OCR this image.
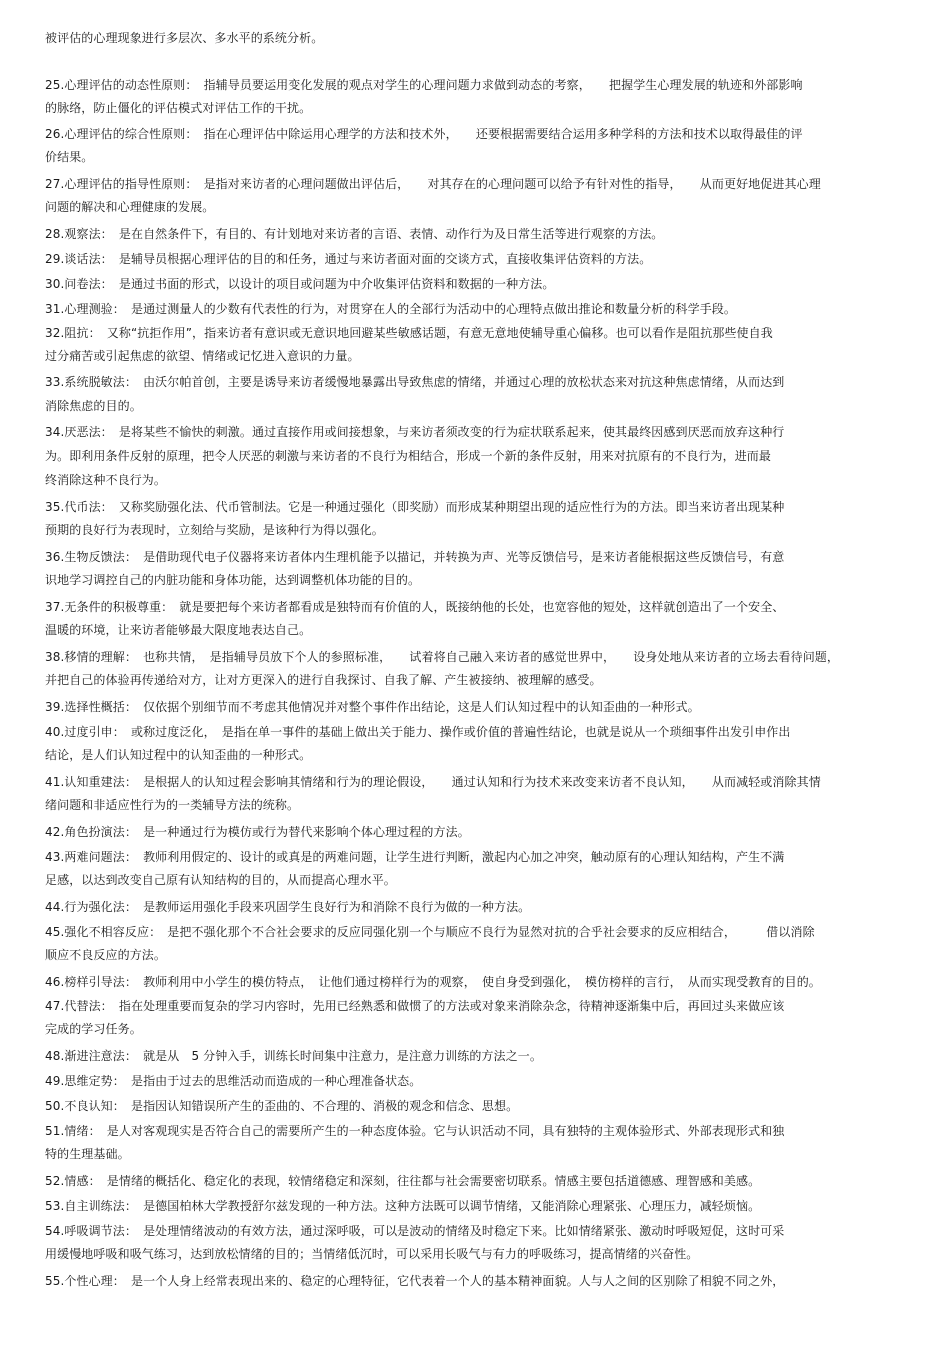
被评估的心理现象进行多层次、多水平的系统分析。
25.心理评估的动态性原则：　指辅导员要运用变化发展的观点对学生的心理问题力求做到动态的考察，　　把握学生心理发展的轨迹和外部影响
的脉络，防止僵化的评估模式对评估工作的干扰。
26.心理评估的综合性原则：　指在心理评估中除运用心理学的方法和技术外，　　还要根据需要结合运用多种学科的方法和技术以取得最佳的评
价结果。
27.心理评估的指导性原则：　是指对来访者的心理问题做出评估后，　　对其存在的心理问题可以给予有针对性的指导，　　从而更好地促进其心理
问题的解决和心理健康的发展。
28.观察法：　是在自然条件下，有目的、有计划地对来访者的言语、表情、动作行为及日常生活等进行观察的方法。
29.谈话法：　是辅导员根据心理评估的目的和任务，通过与来访者面对面的交谈方式，直接收集评估资料的方法。
30.问卷法：　是通过书面的形式，以设计的项目或问题为中介收集评估资料和数据的一种方法。
31.心理测验：　是通过测量人的少数有代表性的行为，对贯穿在人的全部行为活动中的心理特点做出推论和数量分析的科学手段。
32.阻抗：　又称“抗拒作用”，指来访者有意识或无意识地回避某些敏感话题，有意无意地使辅导重心偏移。也可以看作是阻抗那些使自我
过分痛苦或引起焦虑的欲望、情绪或记忆进入意识的力量。
33.系统脱敏法：　由沃尔帕首创，主要是诱导来访者缓慢地暴露出导致焦虑的情绪，并通过心理的放松状态来对抗这种焦虑情绪，从而达到
消除焦虑的目的。
34.厌恶法：　是将某些不愉快的刺激。通过直接作用或间接想象，与来访者须改变的行为症状联系起来，使其最终因感到厌恶而放弃这种行
为。即利用条件反射的原理，把令人厌恶的刺激与来访者的不良行为相结合，形成一个新的条件反射，用来对抗原有的不良行为，进而最
终消除这种不良行为。
35.代币法：　又称奖励强化法、代币管制法。它是一种通过强化（即奖励）而形成某种期望出现的适应性行为的方法。即当来访者出现某种
预期的良好行为表现时，立刻给与奖励，是该种行为得以强化。
36.生物反馈法：　是借助现代电子仪器将来访者体内生理机能予以描记，并转换为声、光等反馈信号，是来访者能根据这些反馈信号，有意
识地学习调控自己的内脏功能和身体功能，达到调整机体功能的目的。
37.无条件的积极尊重：　就是要把每个来访者都看成是独特而有价值的人，既接纳他的长处，也宽容他的短处，这样就创造出了一个安全、
温暖的环境，让来访者能够最大限度地表达自己。
38.移情的理解：　也称共情，　是指辅导员放下个人的参照标准，　　试着将自己融入来访者的感觉世界中，　　设身处地从来访者的立场去看待问题，
并把自己的体验再传递给对方，让对方更深入的进行自我探讨、自我了解、产生被接纳、被理解的感受。
39.选择性概括：　仅依据个别细节而不考虑其他情况并对整个事件作出结论，这是人们认知过程中的认知歪曲的一种形式。
40.过度引申：　或称过度泛化，　是指在单一事件的基础上做出关于能力、操作或价值的普遍性结论，也就是说从一个琐细事件出发引申作出
结论，是人们认知过程中的认知歪曲的一种形式。
41.认知重建法：　是根据人的认知过程会影响其情绪和行为的理论假设，　　通过认知和行为技术来改变来访者不良认知，　　从而减轻或消除其情
绪问题和非适应性行为的一类辅导方法的统称。
42.角色扮演法：　是一种通过行为模仿或行为替代来影响个体心理过程的方法。
43.两难问题法：　教师利用假定的、设计的或真是的两难问题，让学生进行判断，激起内心加之冲突，触动原有的心理认知结构，产生不满
足感，以达到改变自己原有认知结构的目的，从而提高心理水平。
44.行为强化法：　是教师运用强化手段来巩固学生良好行为和消除不良行为做的一种方法。
45.强化不相容反应：　是把不强化那个不合社会要求的反应同强化别一个与顺应不良行为显然对抗的合乎社会要求的反应相结合，　　　借以消除
顺应不良反应的方法。
46.榜样引导法：　教师利用中小学生的模仿特点，　让他们通过榜样行为的观察，　使自身受到强化，　模仿榜样的言行，　从而实现受教育的目的。
47.代替法：　指在处理重要而复杂的学习内容时，先用已经熟悉和做惯了的方法或对象来消除杂念，待精神逐渐集中后，再回过头来做应该
完成的学习任务。
48.渐进注意法：　就是从　5 分钟入手，训练长时间集中注意力，是注意力训练的方法之一。
49.思维定势：　是指由于过去的思维活动而造成的一种心理准备状态。
50.不良认知：　是指因认知错误所产生的歪曲的、不合理的、消极的观念和信念、思想。
51.情绪：　是人对客观现实是否符合自己的需要所产生的一种态度体验。它与认识活动不同，具有独特的主观体验形式、外部表现形式和独
特的生理基础。
52.情感：　是情绪的概括化、稳定化的表现，较情绪稳定和深刻，往往都与社会需要密切联系。情感主要包括道德感、理智感和美感。
53.自主训练法：　是德国柏林大学教授舒尔兹发现的一种方法。这种方法既可以调节情绪，又能消除心理紧张、心理压力，减轻烦恼。
54.呼吸调节法：　是处理情绪波动的有效方法，通过深呼吸，可以是波动的情绪及时稳定下来。比如情绪紧张、激动时呼吸短促，这时可采
用缓慢地呼吸和吸气练习，达到放松情绪的目的；当情绪低沉时，可以采用长吸气与有力的呼吸练习，提高情绪的兴奋性。
55.个性心理：　是一个人身上经常表现出来的、稳定的心理特征，它代表着一个人的基本精神面貌。人与人之间的区别除了相貌不同之外，
